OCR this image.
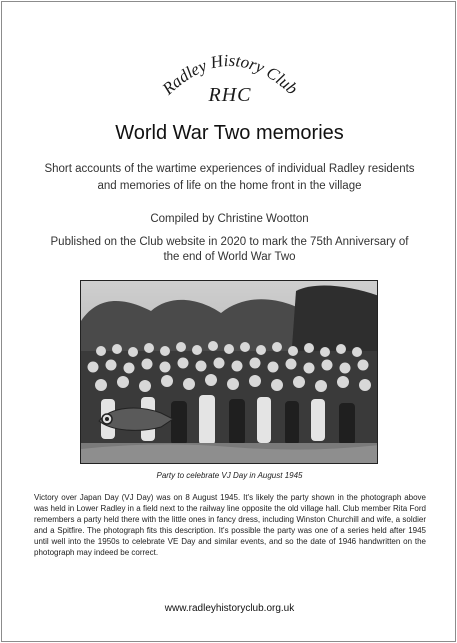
Radley History Club
RHC
World War Two memories
Short accounts of the wartime experiences of individual Radley residents and memories of life on the home front in the village
Compiled by Christine Wootton
Published on the Club website in 2020 to mark the 75th Anniversary of the end of World War Two
Party to celebrate VJ Day in August 1945
Victory over Japan Day (VJ Day) was on 8 August 1945. It's likely the party shown in the photograph above was held in Lower Radley in a field next to the railway line opposite the old village hall. Club member Rita Ford remembers a party held there with the little ones in fancy dress, including Winston Churchill and wife, a soldier and a Spitfire. The photograph fits this description. It's possible the party was one of a series held after 1945 until well into the 1950s to celebrate VE Day and similar events, and so the date of 1946 handwritten on the photograph may indeed be correct.
www.radleyhistoryclub.org.uk
